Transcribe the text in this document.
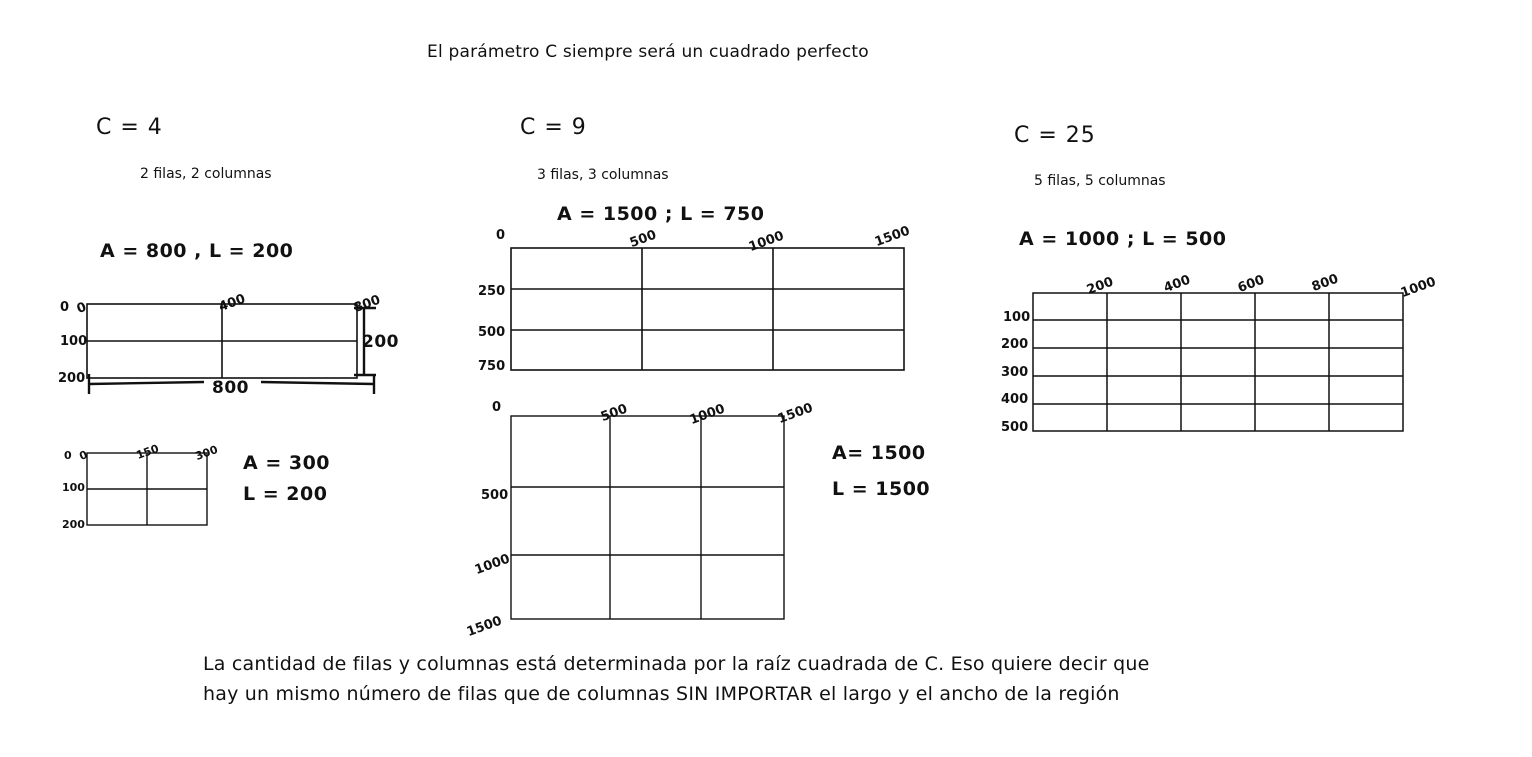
El parámetro C siempre será un cuadrado perfecto
C = 4
2 filas, 2 columnas
A = 800 , L = 200
0	400	800
0
100
200
200
800
0	150	300
0
100
200
A = 300
L = 200
C = 9
3 filas, 3 columnas
A = 1500 ; L = 750
0	500	1000	1500
250
500
750
0	500	1000	1500
500
1000
1500
A= 1500
L = 1500
C = 25
5 filas, 5 columnas
A = 1000 ; L = 500
200	400	600	800	1000
100
200
300
400
500
La cantidad de filas y columnas está determinada por la raíz cuadrada de C. Eso quiere decir que
hay un mismo número de filas que de columnas SIN IMPORTAR el largo y el ancho de la región
